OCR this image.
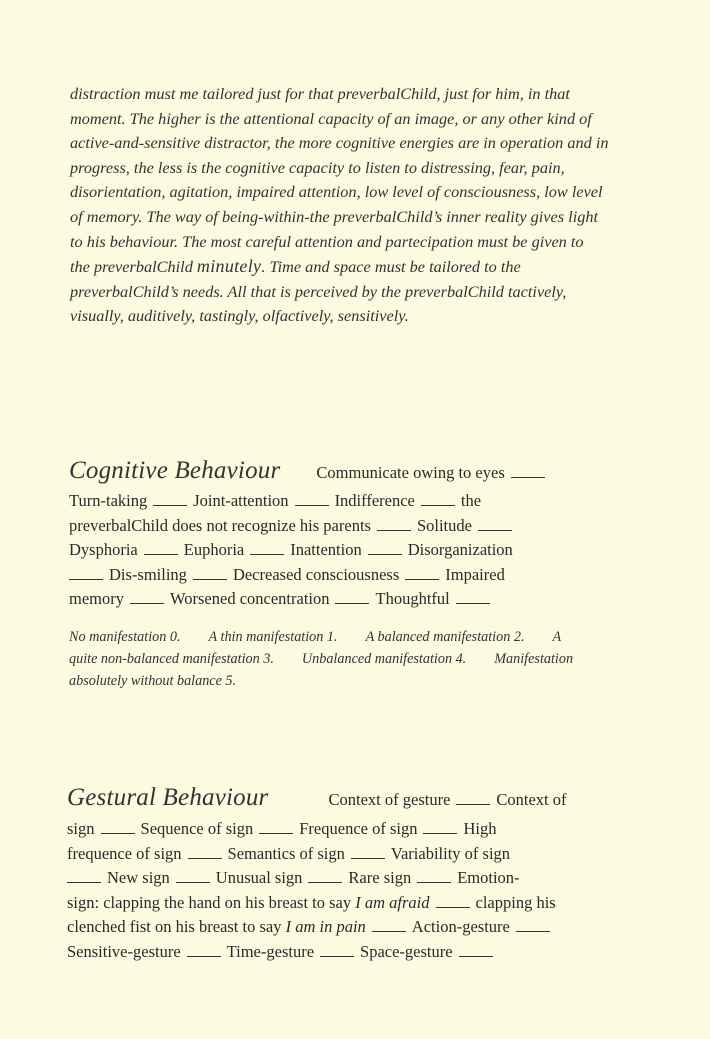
distraction must me tailored just for that preverbalChild, just for him, in that
moment. The higher is the attentional capacity of an image, or any other kind of
active-and-sensitive distractor, the more cognitive energies are in operation and in
progress, the less is the cognitive capacity to listen to distressing, fear, pain,
disorientation, agitation, impaired attention, low level of consciousness, low level
of memory. The way of being-within-the preverbalChild’s inner reality gives light
to his behaviour. The most careful attention and partecipation must be given to
the preverbalChild minutely. Time and space must be tailored to the
preverbalChild’s needs. All that is perceived by the preverbalChild tactively,
visually, auditively, tastingly, olfactively, sensitively.
Cognitive Behaviour Communicate owing to eyes
Turn-taking	Joint-attention	Indifference	the
preverbalChild does not recognize his parents	Solitude
Dysphoria	Euphoria	Inattention	Disorganization
Dis-smiling	Decreased consciousness	Impaired
memory	Worsened concentration	Thoughtful
No manifestation 0. A thin manifestation 1. A balanced manifestation 2. A
quite non-balanced manifestation 3. Unbalanced manifestation 4. Manifestation
absolutely without balance 5.
Gestural Behaviour	Context of gesture	Context of
sign	Sequence of sign	Frequence of sign	High
frequence of sign	Semantics of sign	Variability of sign
New sign	Unusual sign	Rare sign	Emotion-
sign: clapping the hand on his breast to say I am afraid	clapping his
clenched fist on his breast to say I am in pain	Action-gesture
Sensitive-gesture	Time-gesture	Space-gesture
